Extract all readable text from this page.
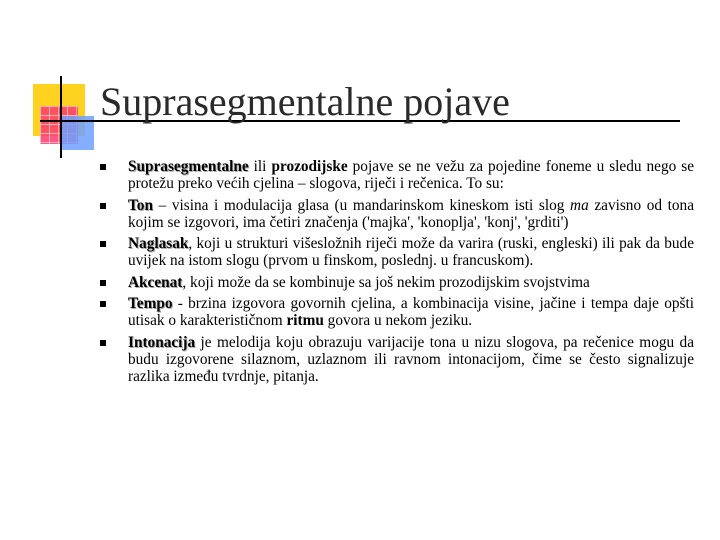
Suprasegmentalne pojave
Suprasegmentalne ili prozodijske pojave se ne vežu za pojedine foneme u sledu nego se protežu preko većih cjelina – slogova, riječi i rečenica. To su:
Ton – visina i modulacija glasa (u mandarinskom kineskom isti slog ma zavisno od tona kojim se izgovori, ima četiri značenja ('majka', 'konoplja', 'konj', 'grditi')
Naglasak, koji u strukturi višesložnih riječi može da varira (ruski, engleski) ili pak da bude uvijek na istom slogu (prvom u finskom, poslednj. u francuskom).
Akcenat, koji može da se kombinuje sa još nekim prozodijskim svojstvima
Tempo - brzina izgovora govornih cjelina, a kombinacija visine, jačine i tempa daje opšti utisak o karakterističnom ritmu govora u nekom jeziku.
Intonacija je melodija koju obrazuju varijacije tona u nizu slogova, pa rečenice mogu da budu izgovorene silaznom, uzlaznom ili ravnom intonacijom, čime se često signalizuje razlika između tvrdnje, pitanja.
